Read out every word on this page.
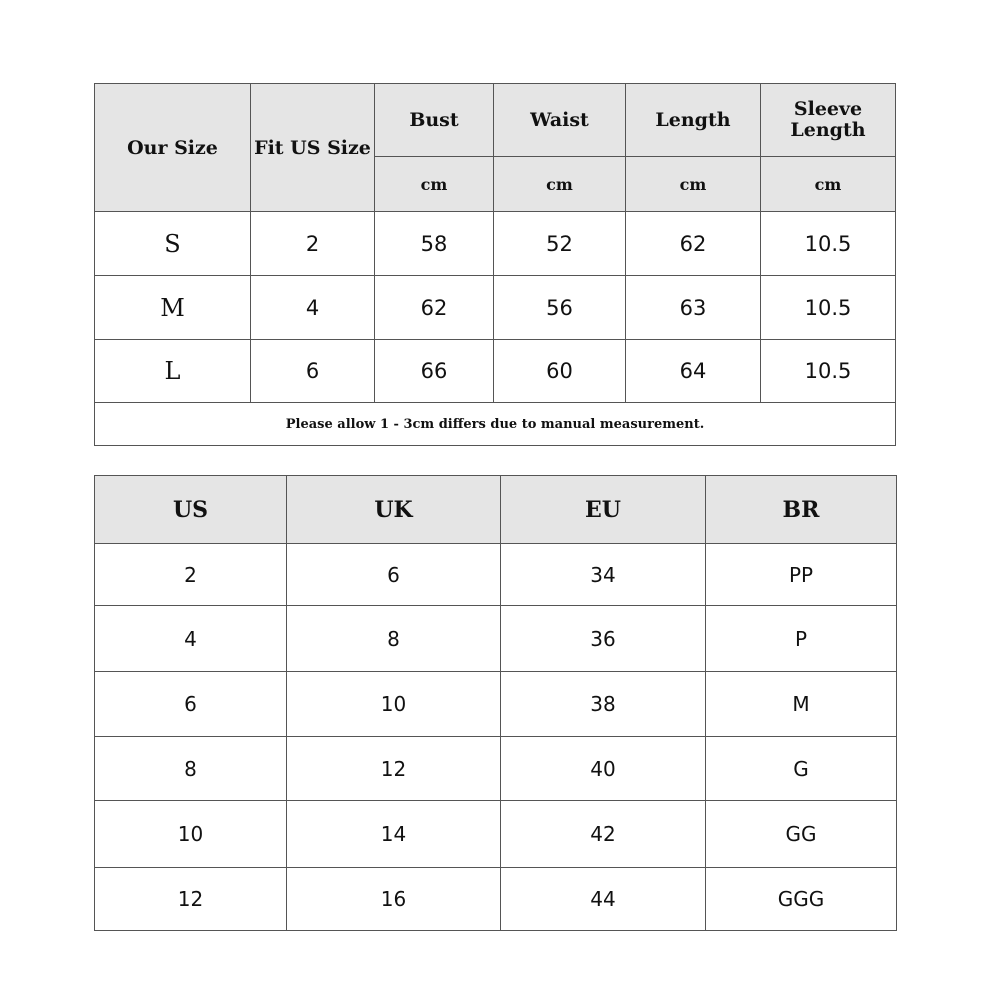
Our Size	Fit US Size	Bust	Waist	Length	Sleeve Length
		cm	cm	cm	cm
S	2	58	52	62	10.5
M	4	62	56	63	10.5
L	6	66	60	64	10.5
Please allow 1 - 3cm differs due to manual measurement.					
US	UK	EU	BR
2	6	34	PP
4	8	36	P
6	10	38	M
8	12	40	G
10	14	42	GG
12	16	44	GGG
